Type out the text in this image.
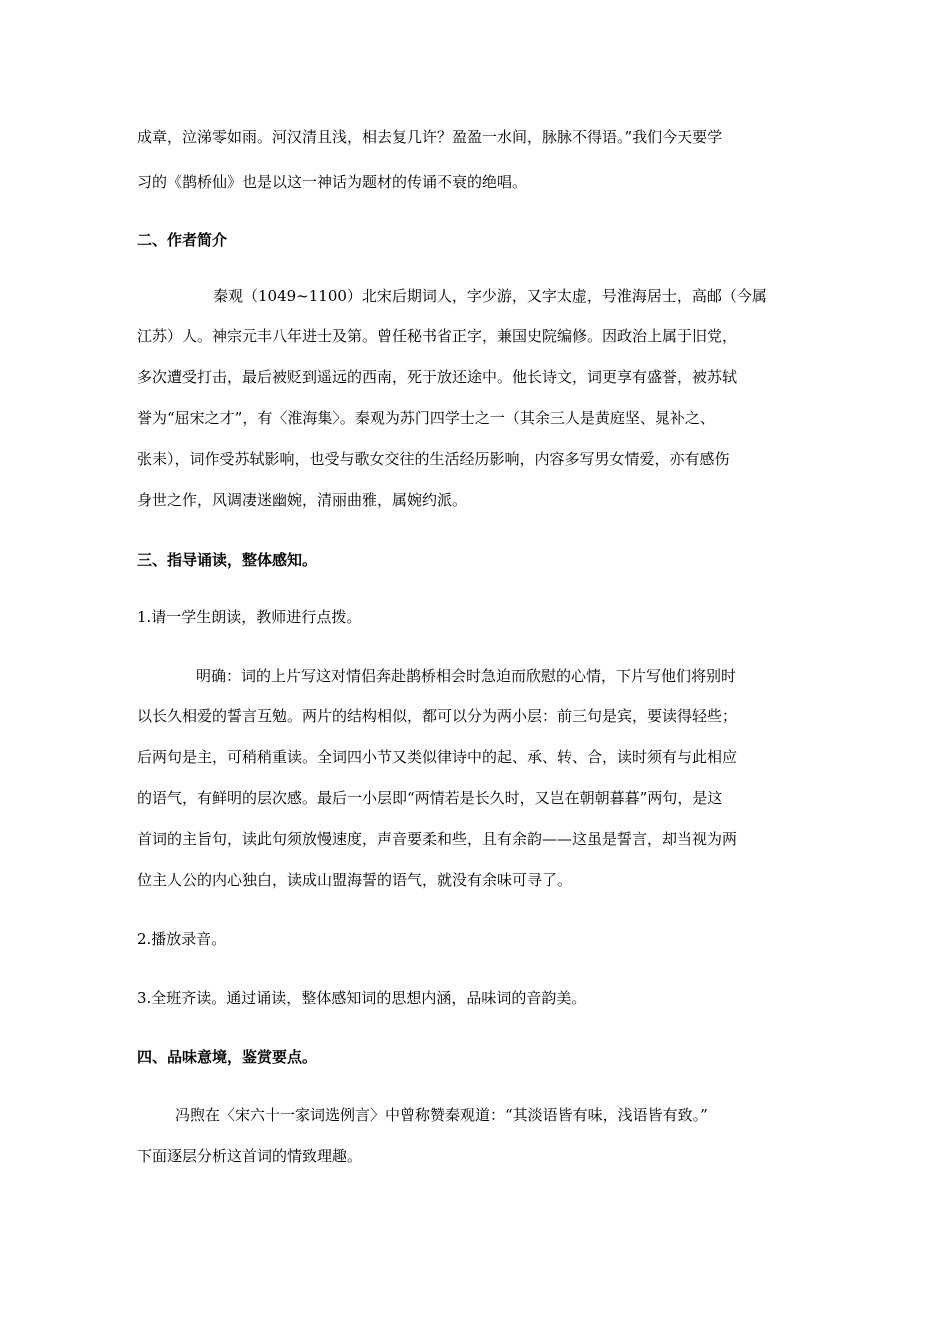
成章，泣涕零如雨。河汉清且浅，相去复几许？盈盈一水间，脉脉不得语。”我们今天要学
习的《鹊桥仙》也是以这一神话为题材的传诵不衰的绝唱。
二、作者简介
秦观（1049~1100）北宋后期词人，字少游，又字太虚，号淮海居士，高邮（今属
江苏）人。神宗元丰八年进士及第。曾任秘书省正字，兼国史院编修。因政治上属于旧党，
多次遭受打击，最后被贬到遥远的西南，死于放还途中。他长诗文，词更享有盛誉，被苏轼
誉为“屈宋之才”，有〈淮海集〉。秦观为苏门四学士之一（其余三人是黄庭坚、晁补之、
张耒），词作受苏轼影响，也受与歌女交往的生活经历影响，内容多写男女情爱，亦有感伤
身世之作，风调凄迷幽婉，清丽曲雅，属婉约派。
三、指导诵读，整体感知。
1.请一学生朗读，教师进行点拨。
明确：词的上片写这对情侣奔赴鹊桥相会时急迫而欣慰的心情，下片写他们将别时
以长久相爱的誓言互勉。两片的结构相似，都可以分为两小层：前三句是宾，要读得轻些；
后两句是主，可稍稍重读。全词四小节又类似律诗中的起、承、转、合，读时须有与此相应
的语气，有鲜明的层次感。最后一小层即“两情若是长久时，又岂在朝朝暮暮”两句，是这
首词的主旨句，读此句须放慢速度，声音要柔和些，且有余韵——这虽是誓言，却当视为两
位主人公的内心独白，读成山盟海誓的语气，就没有余味可寻了。
2.播放录音。
3.全班齐读。通过诵读，整体感知词的思想内涵，品味词的音韵美。
四、品味意境，鉴赏要点。
冯煦在〈宋六十一家词选例言〉中曾称赞秦观道：“其淡语皆有味，浅语皆有致。”
下面逐层分析这首词的情致理趣。
